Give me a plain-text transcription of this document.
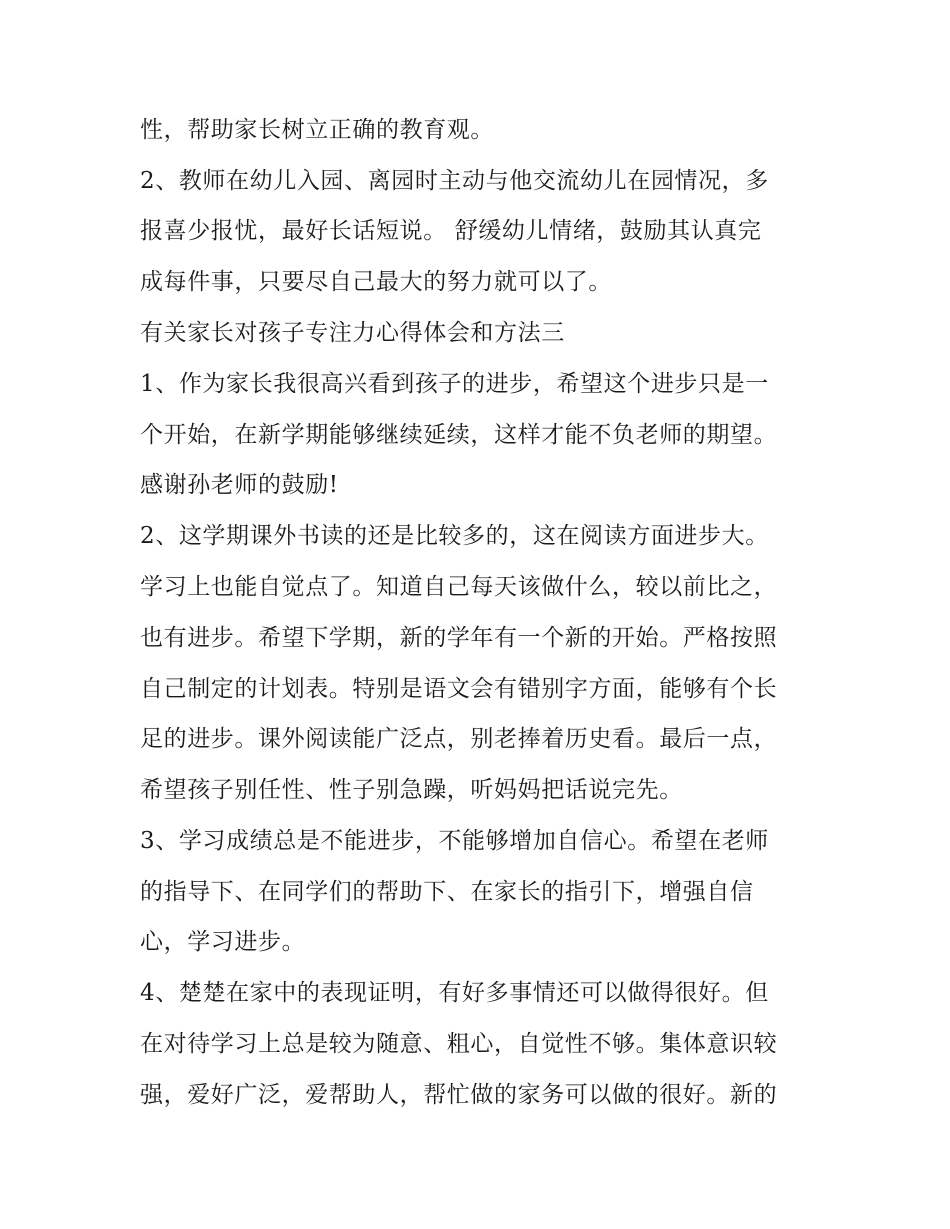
性，帮助家长树立正确的教育观。
2、教师在幼儿入园、离园时主动与他交流幼儿在园情况，多
报喜少报忧，最好长话短说。 舒缓幼儿情绪，鼓励其认真完
成每件事，只要尽自己最大的努力就可以了。
有关家长对孩子专注力心得体会和方法三
1、作为家长我很高兴看到孩子的进步，希望这个进步只是一
个开始，在新学期能够继续延续，这样才能不负老师的期望。
感谢孙老师的鼓励!
2、这学期课外书读的还是比较多的，这在阅读方面进步大。
学习上也能自觉点了。知道自己每天该做什么，较以前比之，
也有进步。希望下学期，新的学年有一个新的开始。严格按照
自己制定的计划表。特别是语文会有错别字方面，能够有个长
足的进步。课外阅读能广泛点，别老捧着历史看。最后一点，
希望孩子别任性、性子别急躁，听妈妈把话说完先。
3、学习成绩总是不能进步，不能够增加自信心。希望在老师
的指导下、在同学们的帮助下、在家长的指引下，增强自信
心，学习进步。
4、楚楚在家中的表现证明，有好多事情还可以做得很好。但
在对待学习上总是较为随意、粗心，自觉性不够。集体意识较
强，爱好广泛，爱帮助人，帮忙做的家务可以做的很好。新的
